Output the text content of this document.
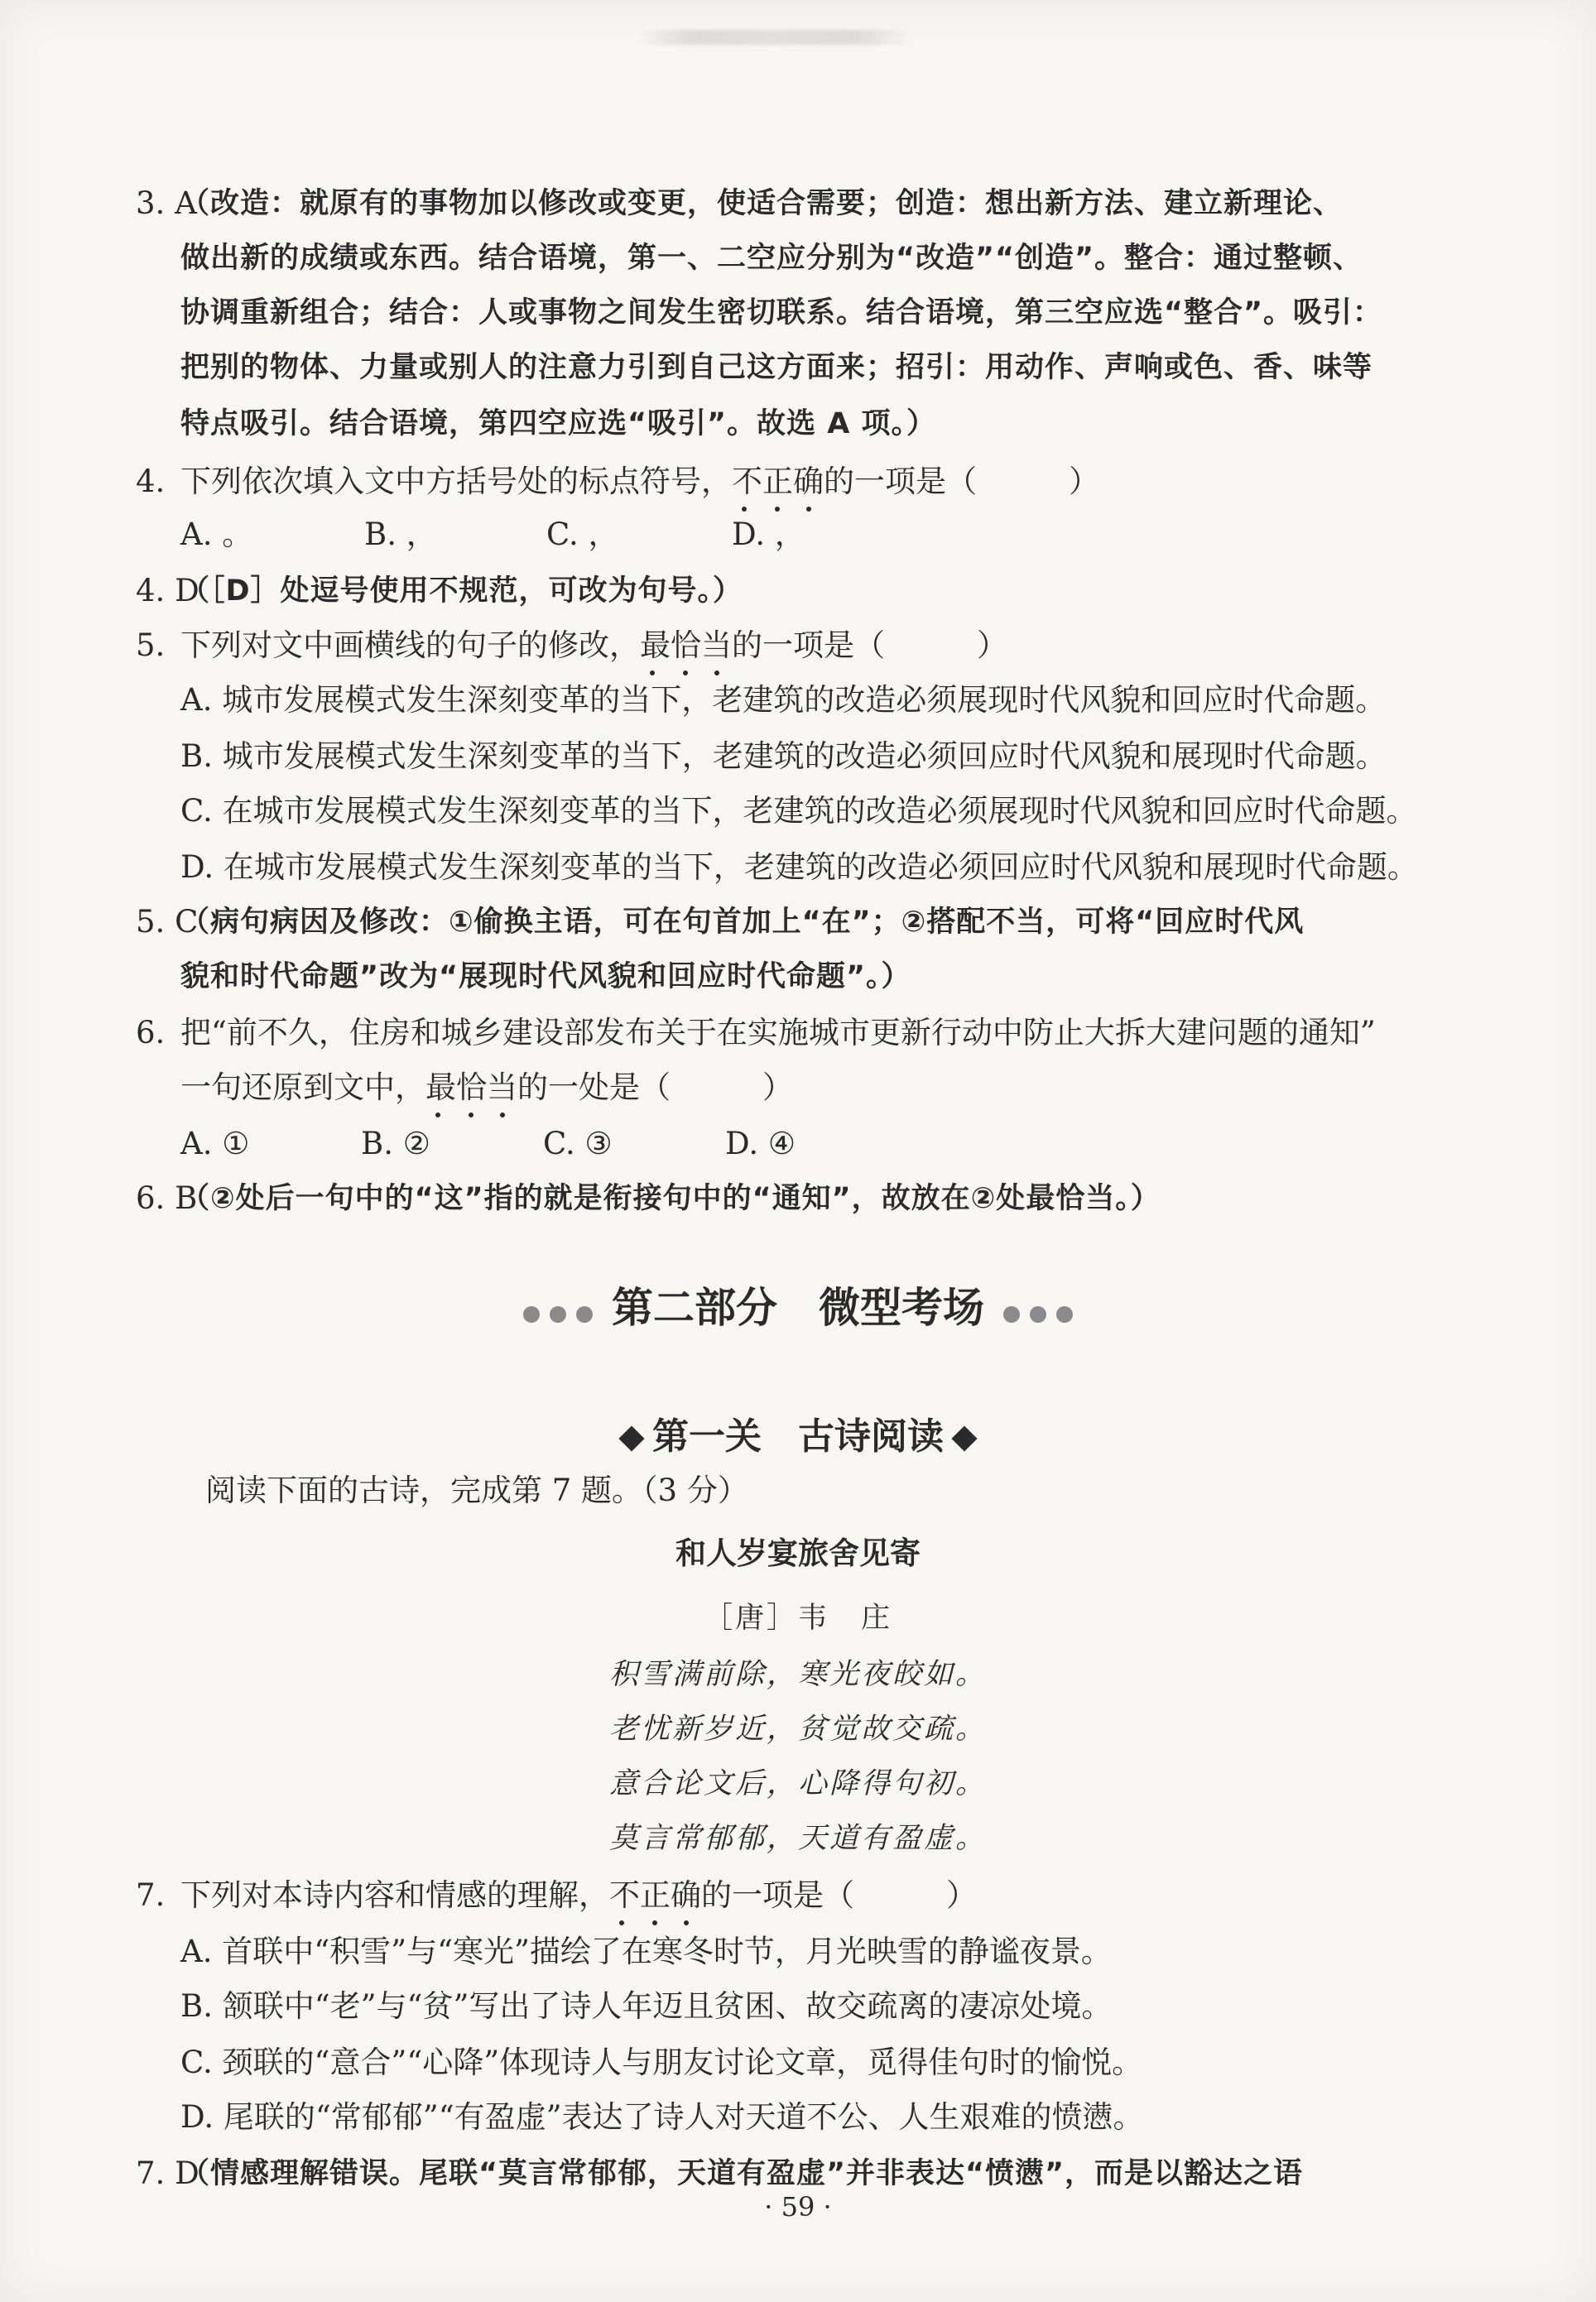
3. A
（改造：就原有的事物加以修改或变更，使适合需要；创造：想出新方法、建立新理论、
做出新的成绩或东西。结合语境，第一、二空应分别为“改造”“创造”。整合：通过整顿、
协调重新组合；结合：人或事物之间发生密切联系。结合语境，第三空应选“整合”。吸引：
把别的物体、力量或别人的注意力引到自己这方面来；招引：用动作、声响或色、香、味等
特点吸引。结合语境，第四空应选“吸引”。故选 A 项。）
4. 下列依次填入文中方括号处的标点符号，不正确
的一项是（　　　）
A. 。	B. ，	C. ，	D. ，
4. D
（［D］处逗号使用不规范，可改为句号。）
5. 下列对文中画横线的句子的修改，最恰当
的一项是（　　　）
A. 城市发展模式发生深刻变革的当下，老建筑的改造必须展现时代风貌和回应时代命题。
B. 城市发展模式发生深刻变革的当下，老建筑的改造必须回应时代风貌和展现时代命题。
C. 在城市发展模式发生深刻变革的当下，老建筑的改造必须展现时代风貌和回应时代命题。
D. 在城市发展模式发生深刻变革的当下，老建筑的改造必须回应时代风貌和展现时代命题。
5. C
（病句病因及修改：①偷换主语，可在句首加上“在”；②搭配不当，可将“回应时代风
貌和时代命题”改为“展现时代风貌和回应时代命题”。）
6. 把“前不久，住房和城乡建设部发布关于在实施城市更新行动中防止大拆大建问题的通知”
一句还原到文中，最恰当
的一处是（　　　）
A. ①	B. ②	C. ③	D. ④
6. B
（②处后一句中的“这”指的就是衔接句中的“通知”，故放在②处最恰当。）
第二部分　微型考场
第一关　古诗阅读
阅读下面的古诗，完成第 7 题。（3 分）
和人岁宴旅舍见寄
［唐］韦　庄
积雪满前除，寒光夜皎如。
老忧新岁近，贫觉故交疏。
意合论文后，心降得句初。
莫言常郁郁，天道有盈虚。
7. 下列对本诗内容和情感的理解，不正确
的一项是（　　　）
A. 首联中“积雪”与“寒光”描绘了在寒冬时节，月光映雪的静谧夜景。
B. 颔联中“老”与“贫”写出了诗人年迈且贫困、故交疏离的凄凉处境。
C. 颈联的“意合”“心降”体现诗人与朋友讨论文章，觅得佳句时的愉悦。
D. 尾联的“常郁郁”“有盈虚”表达了诗人对天道不公、人生艰难的愤懑。
7. D
（情感理解错误。尾联“莫言常郁郁，天道有盈虚”并非表达“愤懑”，而是以豁达之语
· 59 ·
